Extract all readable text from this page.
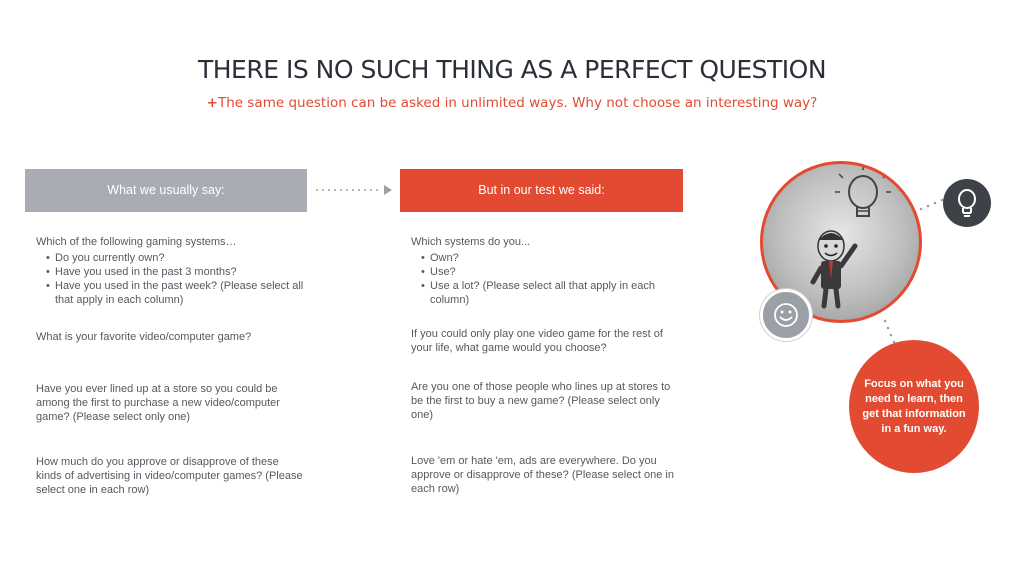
THERE IS NO SUCH THING AS A PERFECT QUESTION
+The same question can be asked in unlimited ways. Why not choose an interesting way?
What we usually say:	But in our test we said:
Which of the following gaming systems…
• Do you currently own?
• Have you used in the past 3 months?
• Have you used in the past week? (Please select all that apply in each column)
What is your favorite video/computer game?
Have you ever lined up at a store so you could be among the first to purchase a new video/computer game? (Please select only one)
How much do you approve or disapprove of these kinds of advertising in video/computer games? (Please select one in each row)
Which systems do you...
• Own?
• Use?
• Use a lot? (Please select all that apply in each column)
If you could only play one video game for the rest of your life, what game would you choose?
Are you one of those people who lines up at stores to be the first to buy a new game? (Please select only one)
Love 'em or hate 'em, ads are everywhere. Do you approve or disapprove of these? (Please select one in each row)
Focus on what you need to learn, then get that information in a fun way.
